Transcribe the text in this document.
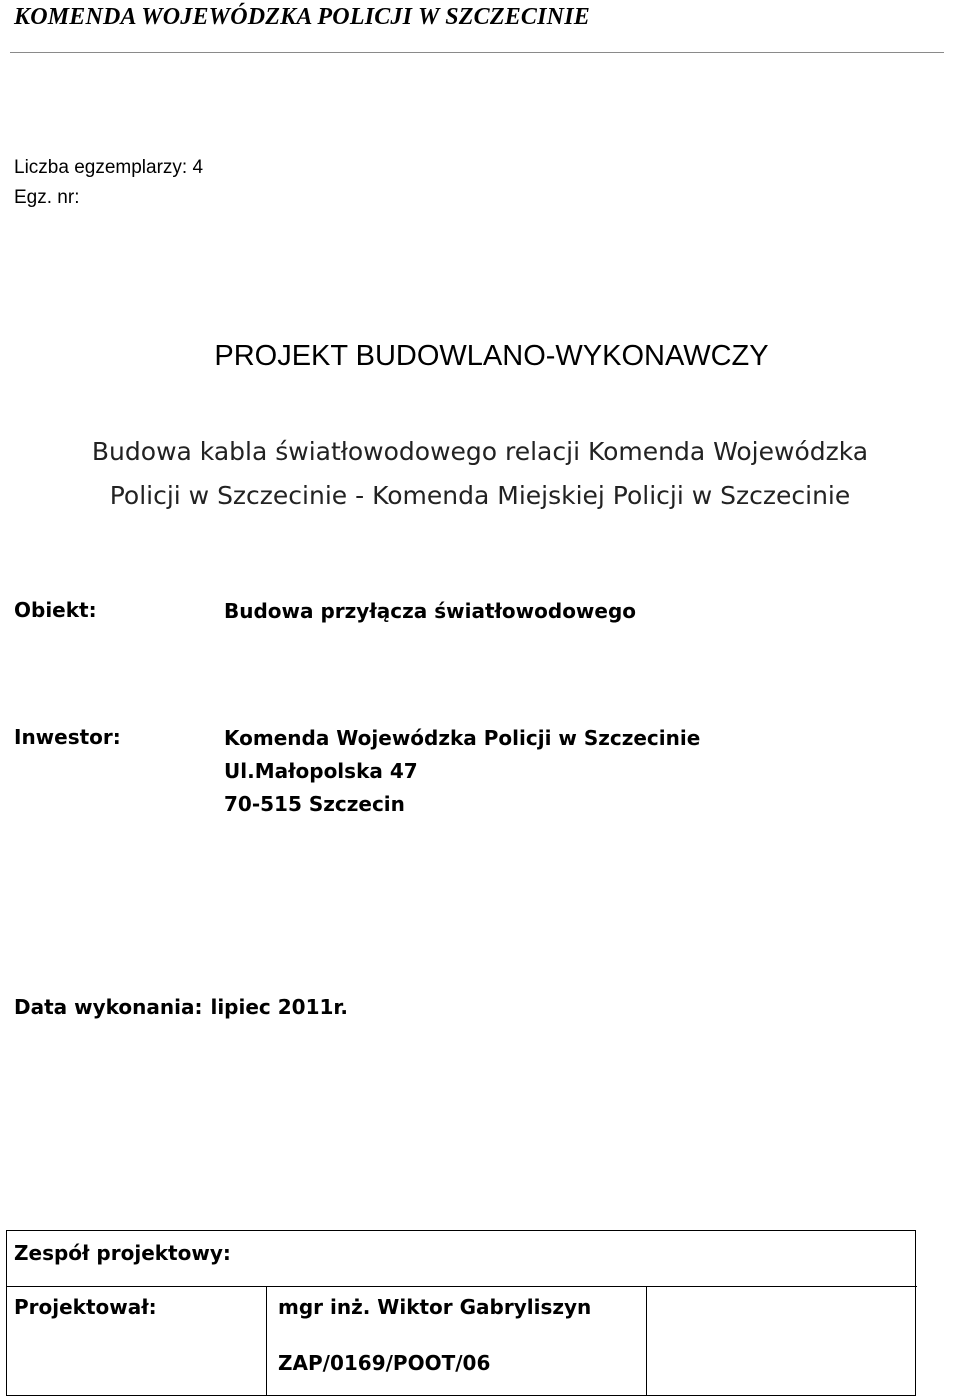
KOMENDA WOJEWÓDZKA POLICJI W SZCZECINIE
Liczba egzemplarzy: 4
Egz. nr:
PROJEKT BUDOWLANO-WYKONAWCZY
Budowa kabla światłowodowego relacji Komenda Wojewódzka
Policji w Szczecinie - Komenda Miejskiej Policji w Szczecinie
Obiekt:	Budowa przyłącza światłowodowego
Inwestor:	Komenda Wojewódzka Policji w Szczecinie
Ul.Małopolska 47
70-515 Szczecin
Data wykonania: lipiec 2011r.
Zespół projektowy:
Projektował:	mgr inż. Wiktor Gabryliszyn
ZAP/0169/POOT/06
